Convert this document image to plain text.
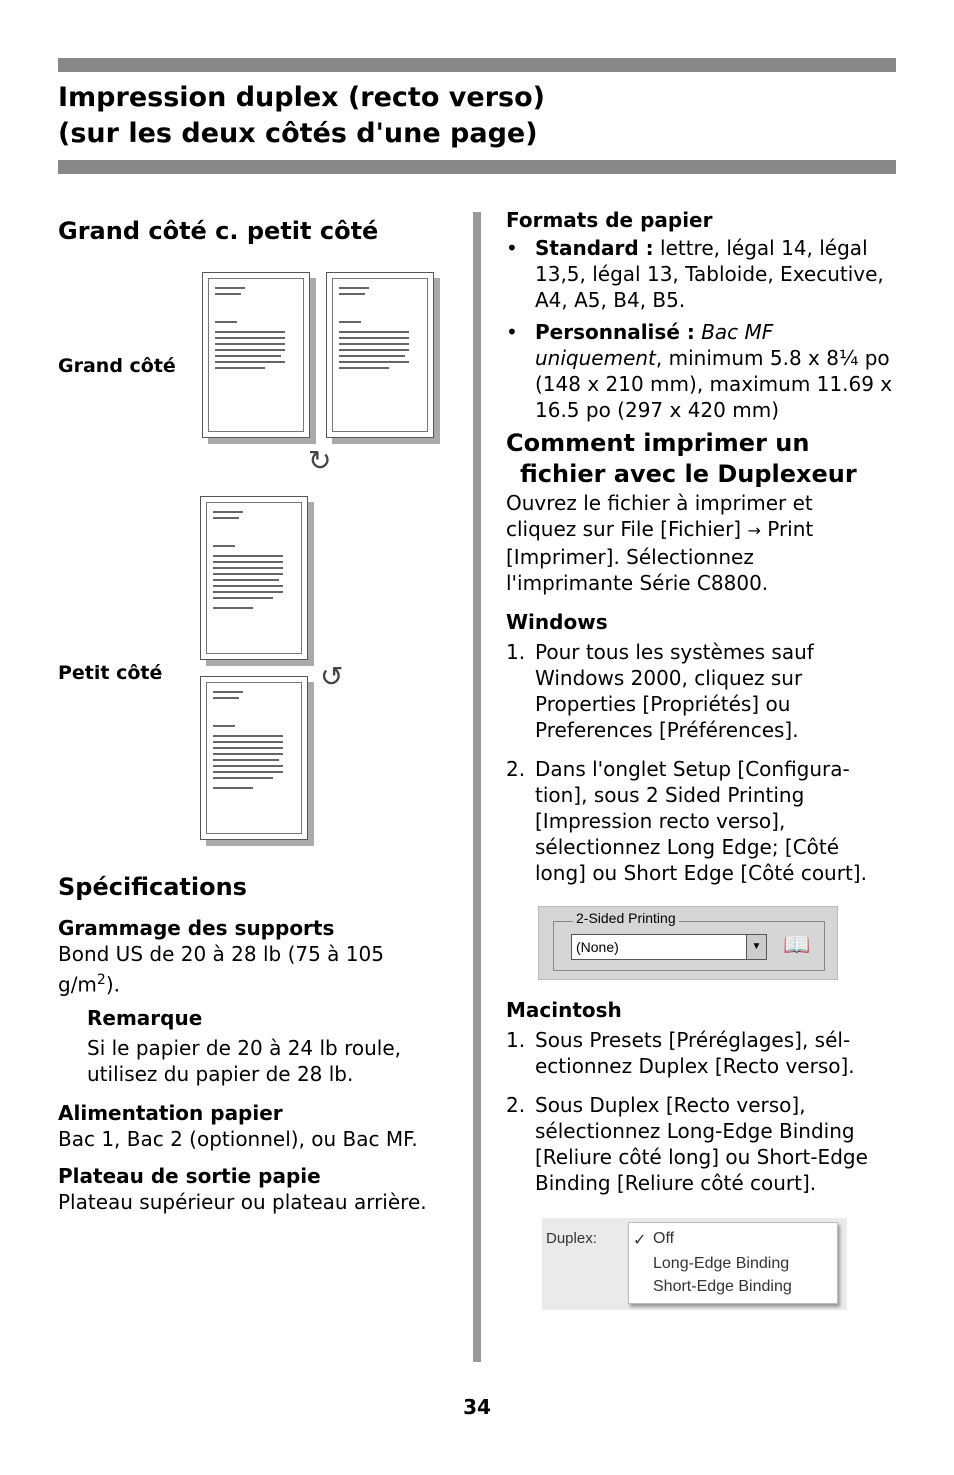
Impression duplex (recto verso)
(sur les deux côtés d'une page)
Grand côté c. petit côté
Grand côté
Petit côté
↻
↺
Spécifications
Grammage des supports
Bond US de 20 à 28 lb (75 à 105 $g/m^2$).
Remarque
Si le papier de 20 à 24 lb roule, utilisez du papier de 28 lb.
Alimentation papier
Bac 1, Bac 2 (optionnel), ou Bac MF.
Plateau de sortie papie
Plateau supérieur ou plateau arrière.
Formats de papier
• Standard : lettre, légal 14, légal 13,5, légal 13, Tabloide, Executive, A4, A5, B4, B5.
• Personnalisé : Bac MF uniquement, minimum 5.8 x 8¼ po (148 x 210 mm), maximum 11.69 x 16.5 po (297 x 420 mm)
Comment imprimer un
fichier avec le Duplexeur
Ouvrez le fichier à imprimer et cliquez sur File [Fichier] → Print [Imprimer]. Sélectionnez l'imprimante Série C8800.
Windows
1. Pour tous les systèmes sauf Windows 2000, cliquez sur Properties [Propriétés] ou Preferences [Préférences].
2. Dans l'onglet Setup [Configura-tion], sous 2 Sided Printing [Impression recto verso], sélectionnez Long Edge; [Côté long] ou Short Edge [Côté court].
2-Sided Printing
(None)	▼ 📖
Macintosh
1. Sous Presets [Préréglages], sél-ectionnez Duplex [Recto verso].
2. Sous Duplex [Recto verso], sélectionnez Long-Edge Binding [Reliure côté long] ou Short-Edge Binding [Reliure côté court].
Duplex: ✓ Off
Long-Edge Binding
Short-Edge Binding
34
